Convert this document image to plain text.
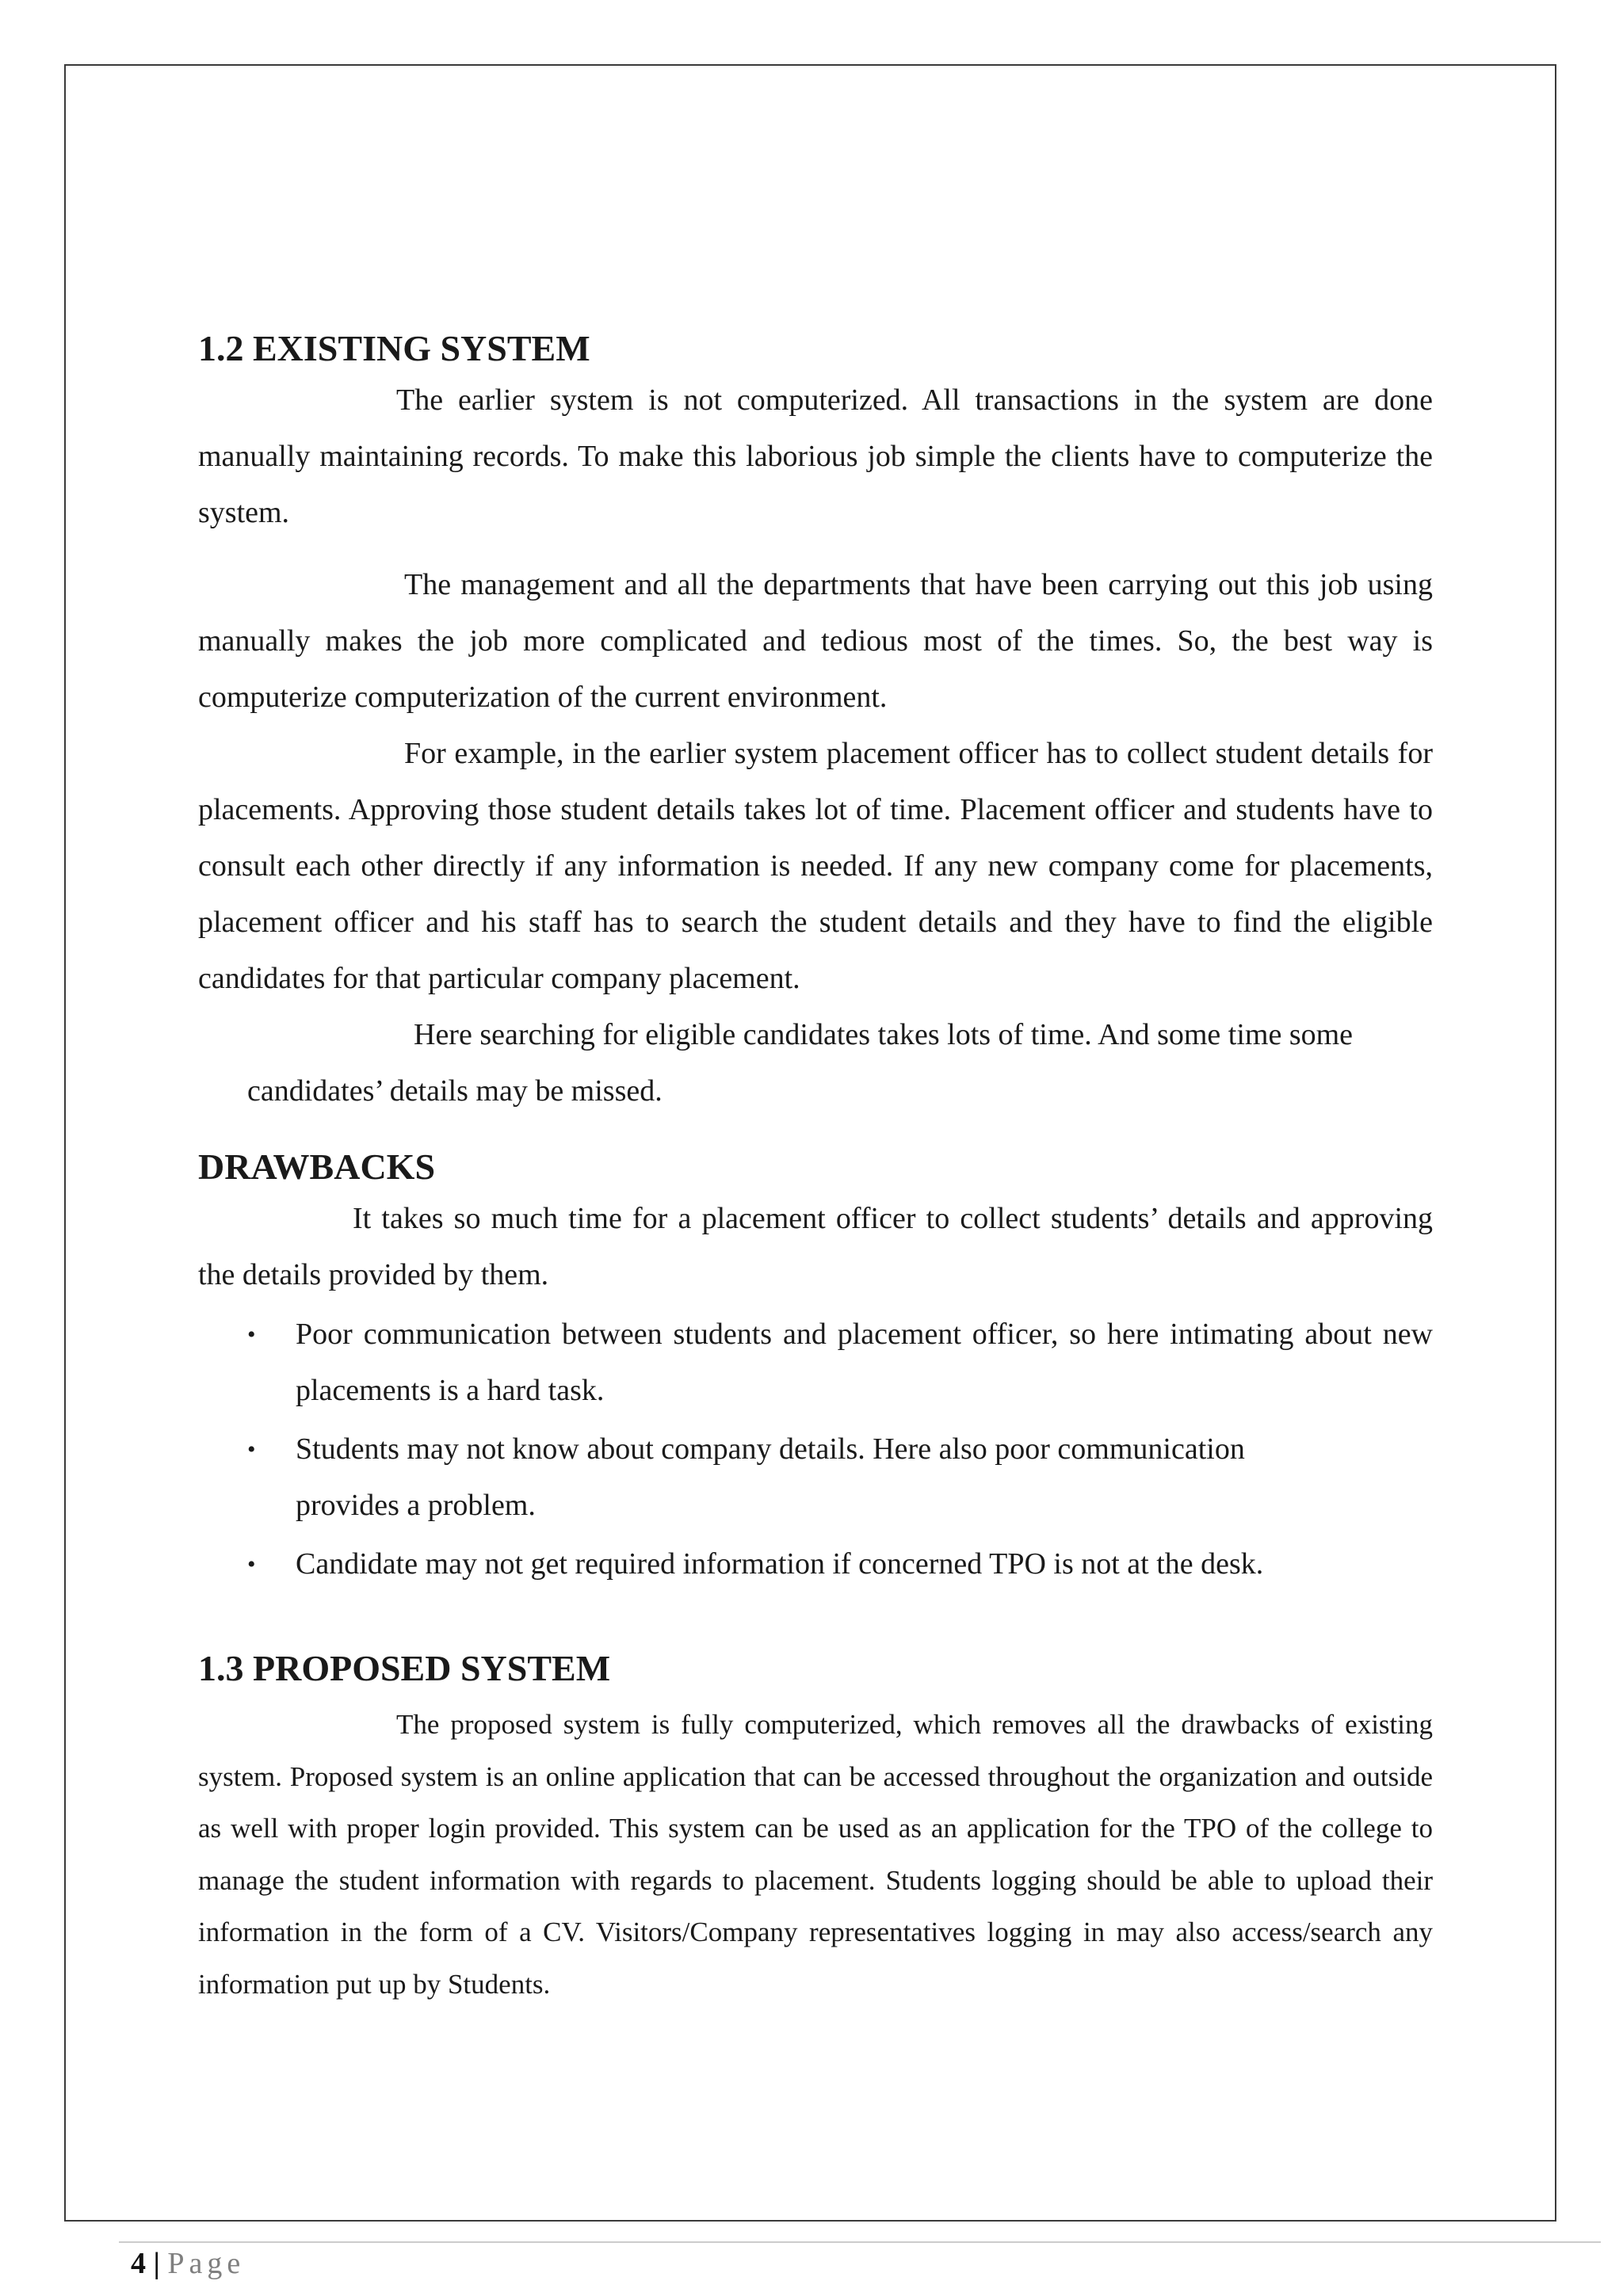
1.2 EXISTING SYSTEM

The earlier system is not computerized. All transactions in the system are done manually maintaining records. To make this laborious job simple the clients have to computerize the system.

The management and all the departments that have been carrying out this job using manually makes the job more complicated and tedious most of the times. So, the best way is computerize computerization of the current environment.

For example, in the earlier system placement officer has to collect student details for placements. Approving those student details takes lot of time. Placement officer and students have to consult each other directly if any information is needed. If any new company come for placements, placement officer and his staff has to search the student details and they have to find the eligible candidates for that particular company placement.

Here searching for eligible candidates takes lots of time. And some time some candidates’ details may be missed.

DRAWBACKS

It takes so much time for a placement officer to collect students’ details and approving the details provided by them.

• Poor communication between students and placement officer, so here intimating about new placements is a hard task.
• Students may not know about company details. Here also poor communication provides a problem.
• Candidate may not get required information if concerned TPO is not at the desk.
1.3 PROPOSED SYSTEM

The proposed system is fully computerized, which removes all the drawbacks of existing system. Proposed system is an online application that can be accessed throughout the organization and outside as well with proper login provided. This system can be used as an application for the TPO of the college to manage the student information with regards to placement. Students logging should be able to upload their information in the form of a CV. Visitors/Company representatives logging in may also access/search any information put up by Students.

4 | Page
